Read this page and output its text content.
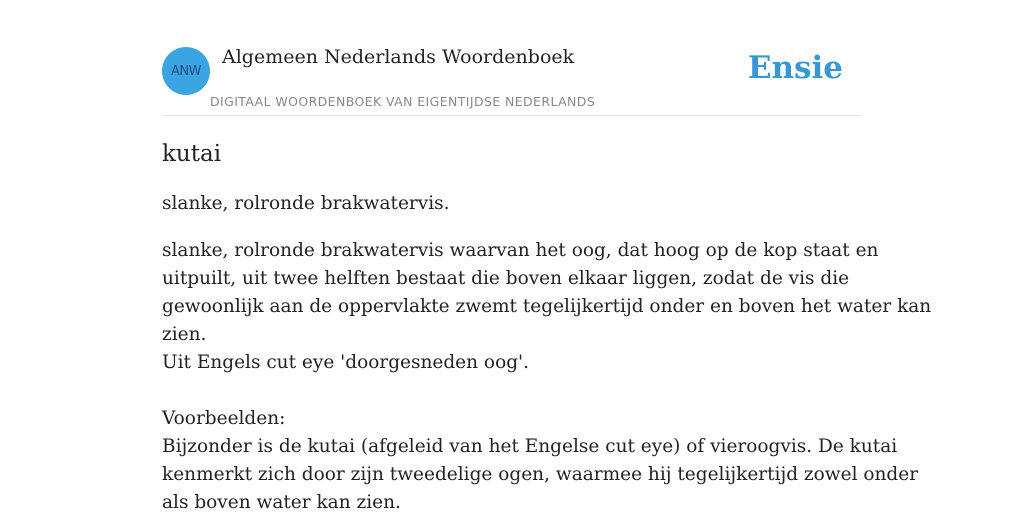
ANW
Algemeen Nederlands Woordenboek
DIGITAAL WOORDENBOEK VAN EIGENTIJDSE NEDERLANDS
Ensie
kutai

slanke, rolronde brakwatervis.

slanke, rolronde brakwatervis waarvan het oog, dat hoog op de kop staat en
uitpuilt, uit twee helften bestaat die boven elkaar liggen, zodat de vis die
gewoonlijk aan de oppervlakte zwemt tegelijkertijd onder en boven het water kan
zien.
Uit Engels cut eye 'doorgesneden oog'.
Voorbeelden:
Bijzonder is de kutai (afgeleid van het Engelse cut eye) of vieroogvis. De kutai
kenmerkt zich door zijn tweedelige ogen, waarmee hij tegelijkertijd zowel onder
als boven water kan zien.
